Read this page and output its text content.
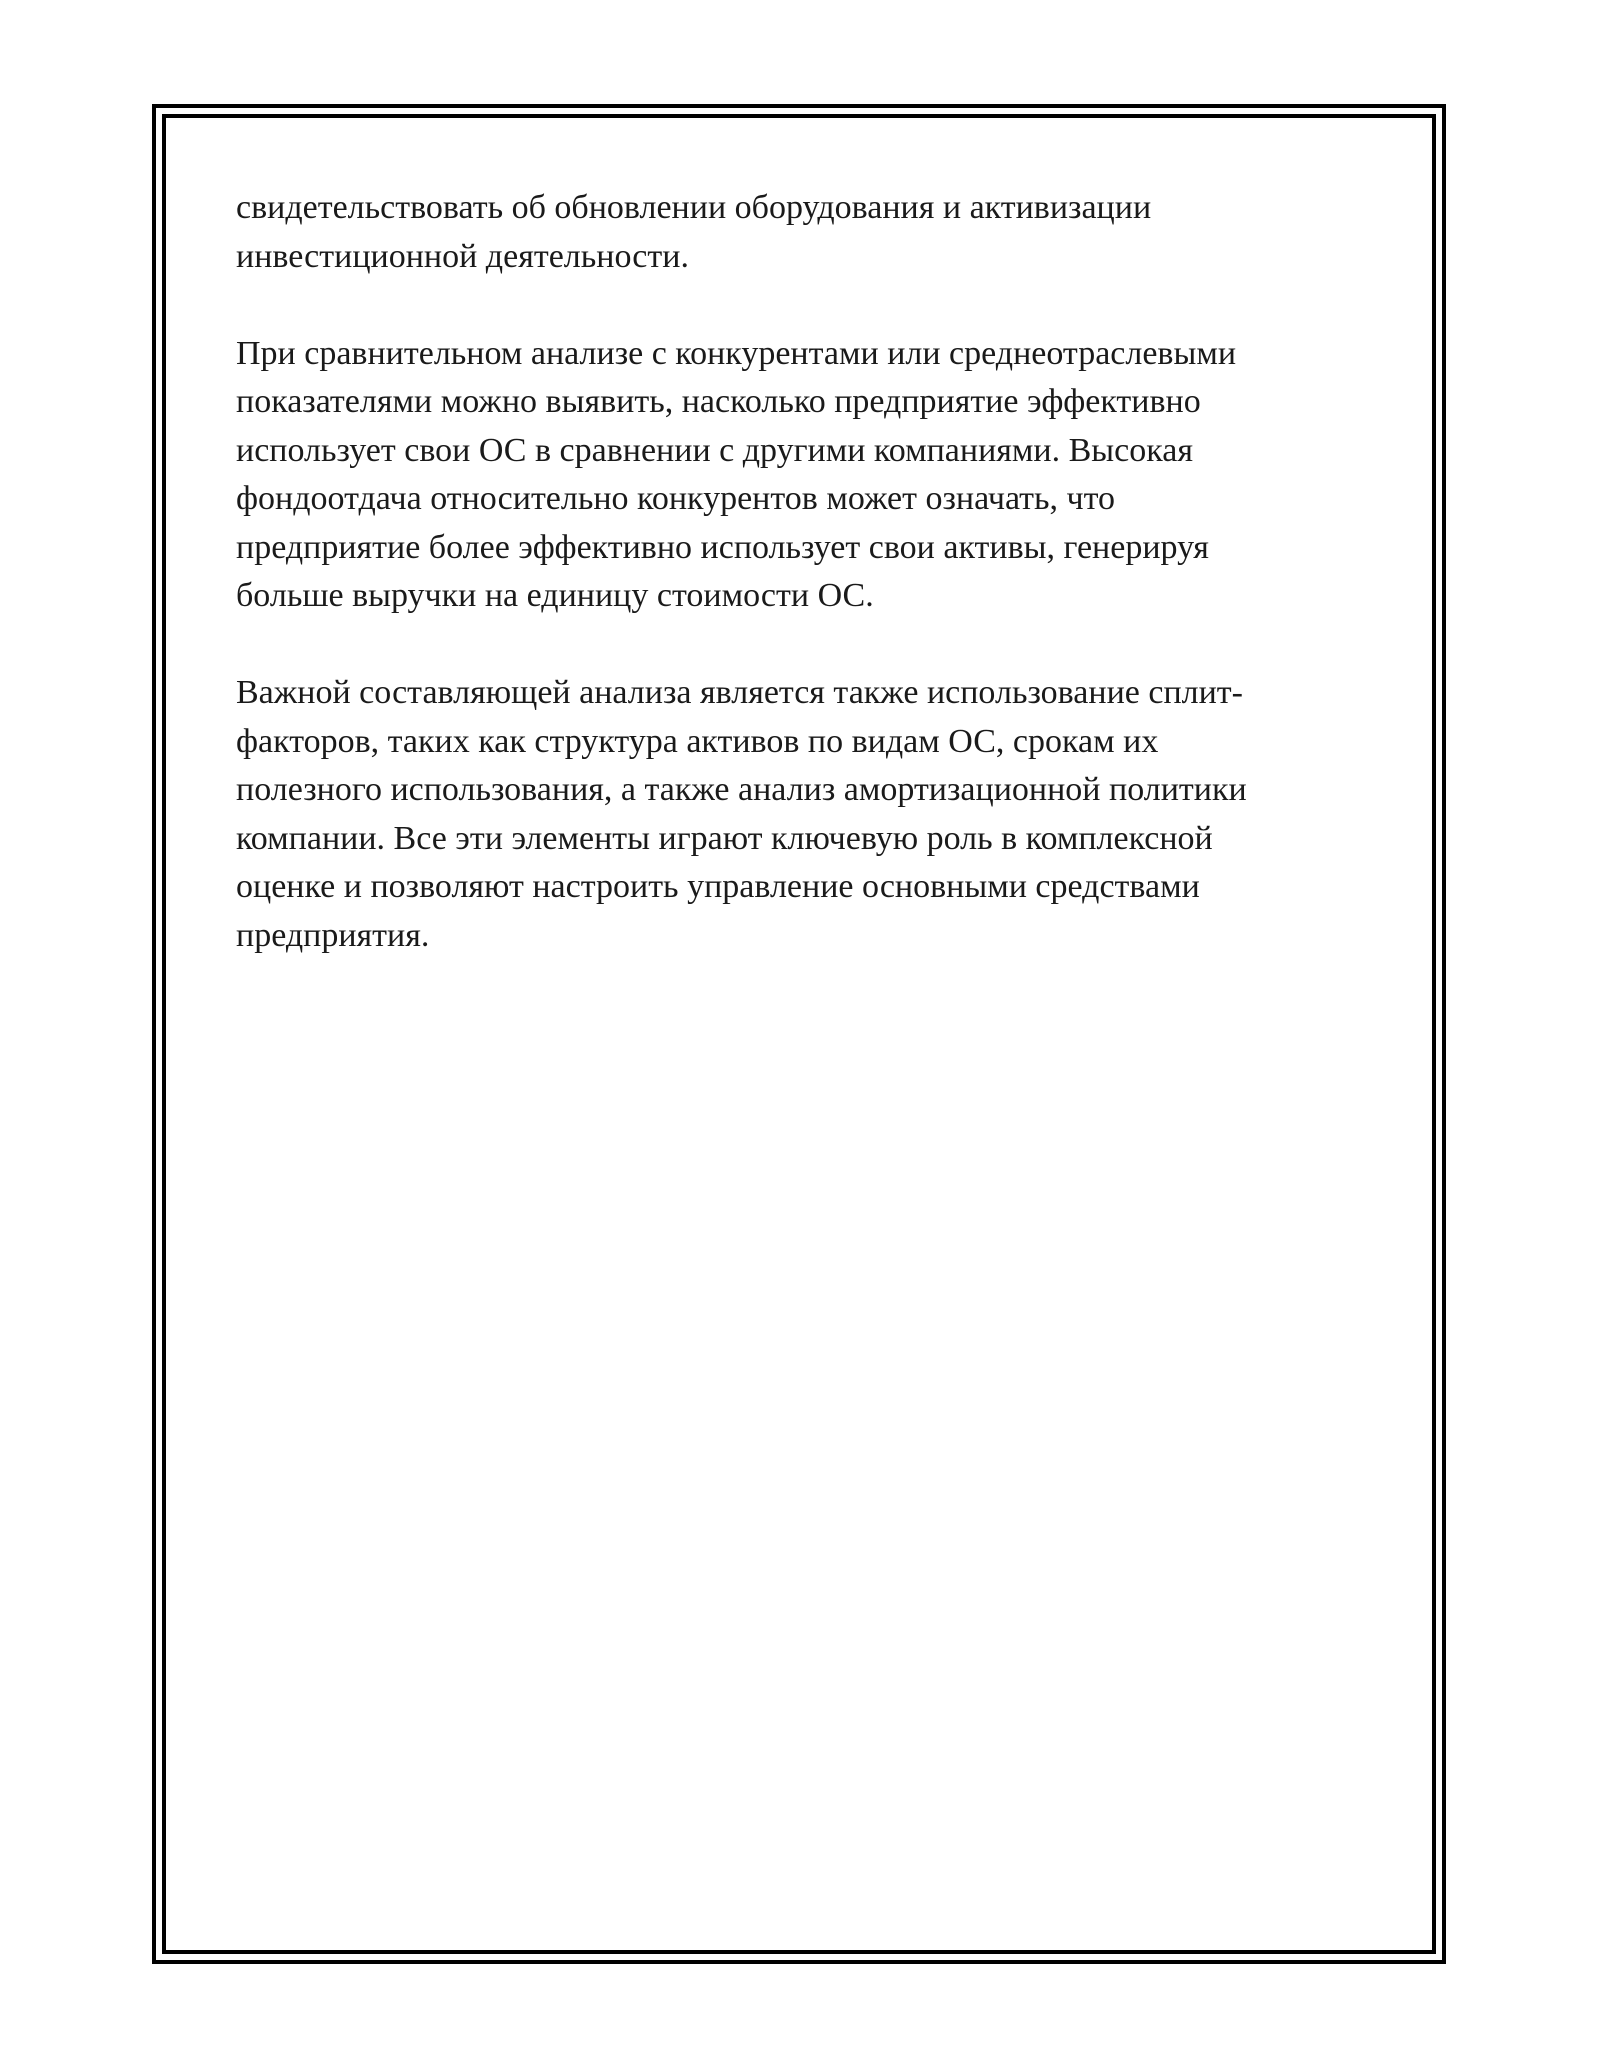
свидетельствовать об обновлении оборудования и активизации
инвестиционной деятельности.

При сравнительном анализе с конкурентами или среднеотраслевыми
показателями можно выявить, насколько предприятие эффективно
использует свои ОС в сравнении с другими компаниями. Высокая
фондоотдача относительно конкурентов может означать, что
предприятие более эффективно использует свои активы, генерируя
больше выручки на единицу стоимости ОС.

Важной составляющей анализа является также использование сплит-
факторов, таких как структура активов по видам ОС, срокам их
полезного использования, а также анализ амортизационной политики
компании. Все эти элементы играют ключевую роль в комплексной
оценке и позволяют настроить управление основными средствами
предприятия.
